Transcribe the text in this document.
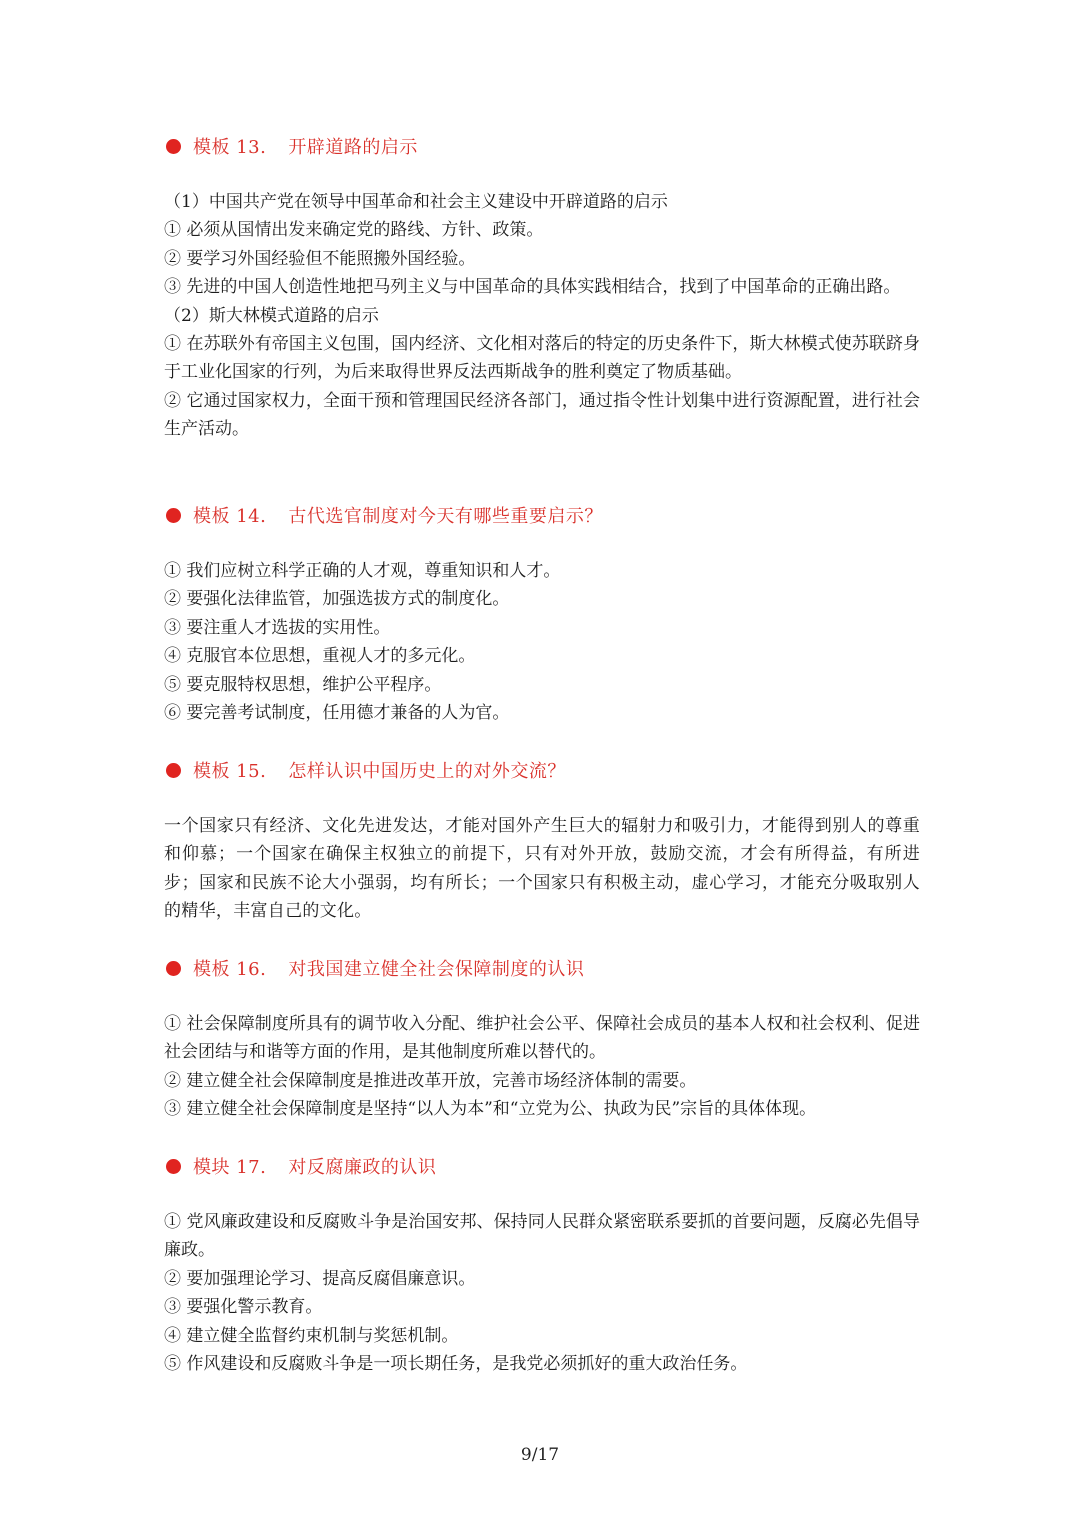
模板 13. 开辟道路的启示
（1）中国共产党在领导中国革命和社会主义建设中开辟道路的启示
① 必须从国情出发来确定党的路线、方针、政策。
② 要学习外国经验但不能照搬外国经验。
③ 先进的中国人创造性地把马列主义与中国革命的具体实践相结合，找到了中国革命的正确出路。
（2）斯大林模式道路的启示
① 在苏联外有帝国主义包围，国内经济、文化相对落后的特定的历史条件下，斯大林模式使苏联跻身于工业化国家的行列，为后来取得世界反法西斯战争的胜利奠定了物质基础。
② 它通过国家权力，全面干预和管理国民经济各部门，通过指令性计划集中进行资源配置，进行社会生产活动。
模板 14. 古代选官制度对今天有哪些重要启示？
① 我们应树立科学正确的人才观，尊重知识和人才。
② 要强化法律监管，加强选拔方式的制度化。
③ 要注重人才选拔的实用性。
④ 克服官本位思想，重视人才的多元化。
⑤ 要克服特权思想，维护公平程序。
⑥ 要完善考试制度，任用德才兼备的人为官。
模板 15. 怎样认识中国历史上的对外交流？
一个国家只有经济、文化先进发达，才能对国外产生巨大的辐射力和吸引力，才能得到别人的尊重和仰慕；一个国家在确保主权独立的前提下，只有对外开放，鼓励交流，才会有所得益，有所进步；国家和民族不论大小强弱，均有所长；一个国家只有积极主动，虚心学习，才能充分吸取别人的精华，丰富自己的文化。
模板 16. 对我国建立健全社会保障制度的认识
① 社会保障制度所具有的调节收入分配、维护社会公平、保障社会成员的基本人权和社会权利、促进社会团结与和谐等方面的作用，是其他制度所难以替代的。
② 建立健全社会保障制度是推进改革开放，完善市场经济体制的需要。
③ 建立健全社会保障制度是坚持“以人为本”和“立党为公、执政为民”宗旨的具体体现。
模块 17. 对反腐廉政的认识
① 党风廉政建设和反腐败斗争是治国安邦、保持同人民群众紧密联系要抓的首要问题，反腐必先倡导廉政。
② 要加强理论学习、提高反腐倡廉意识。
③ 要强化警示教育。
④ 建立健全监督约束机制与奖惩机制。
⑤ 作风建设和反腐败斗争是一项长期任务，是我党必须抓好的重大政治任务。
9/17
